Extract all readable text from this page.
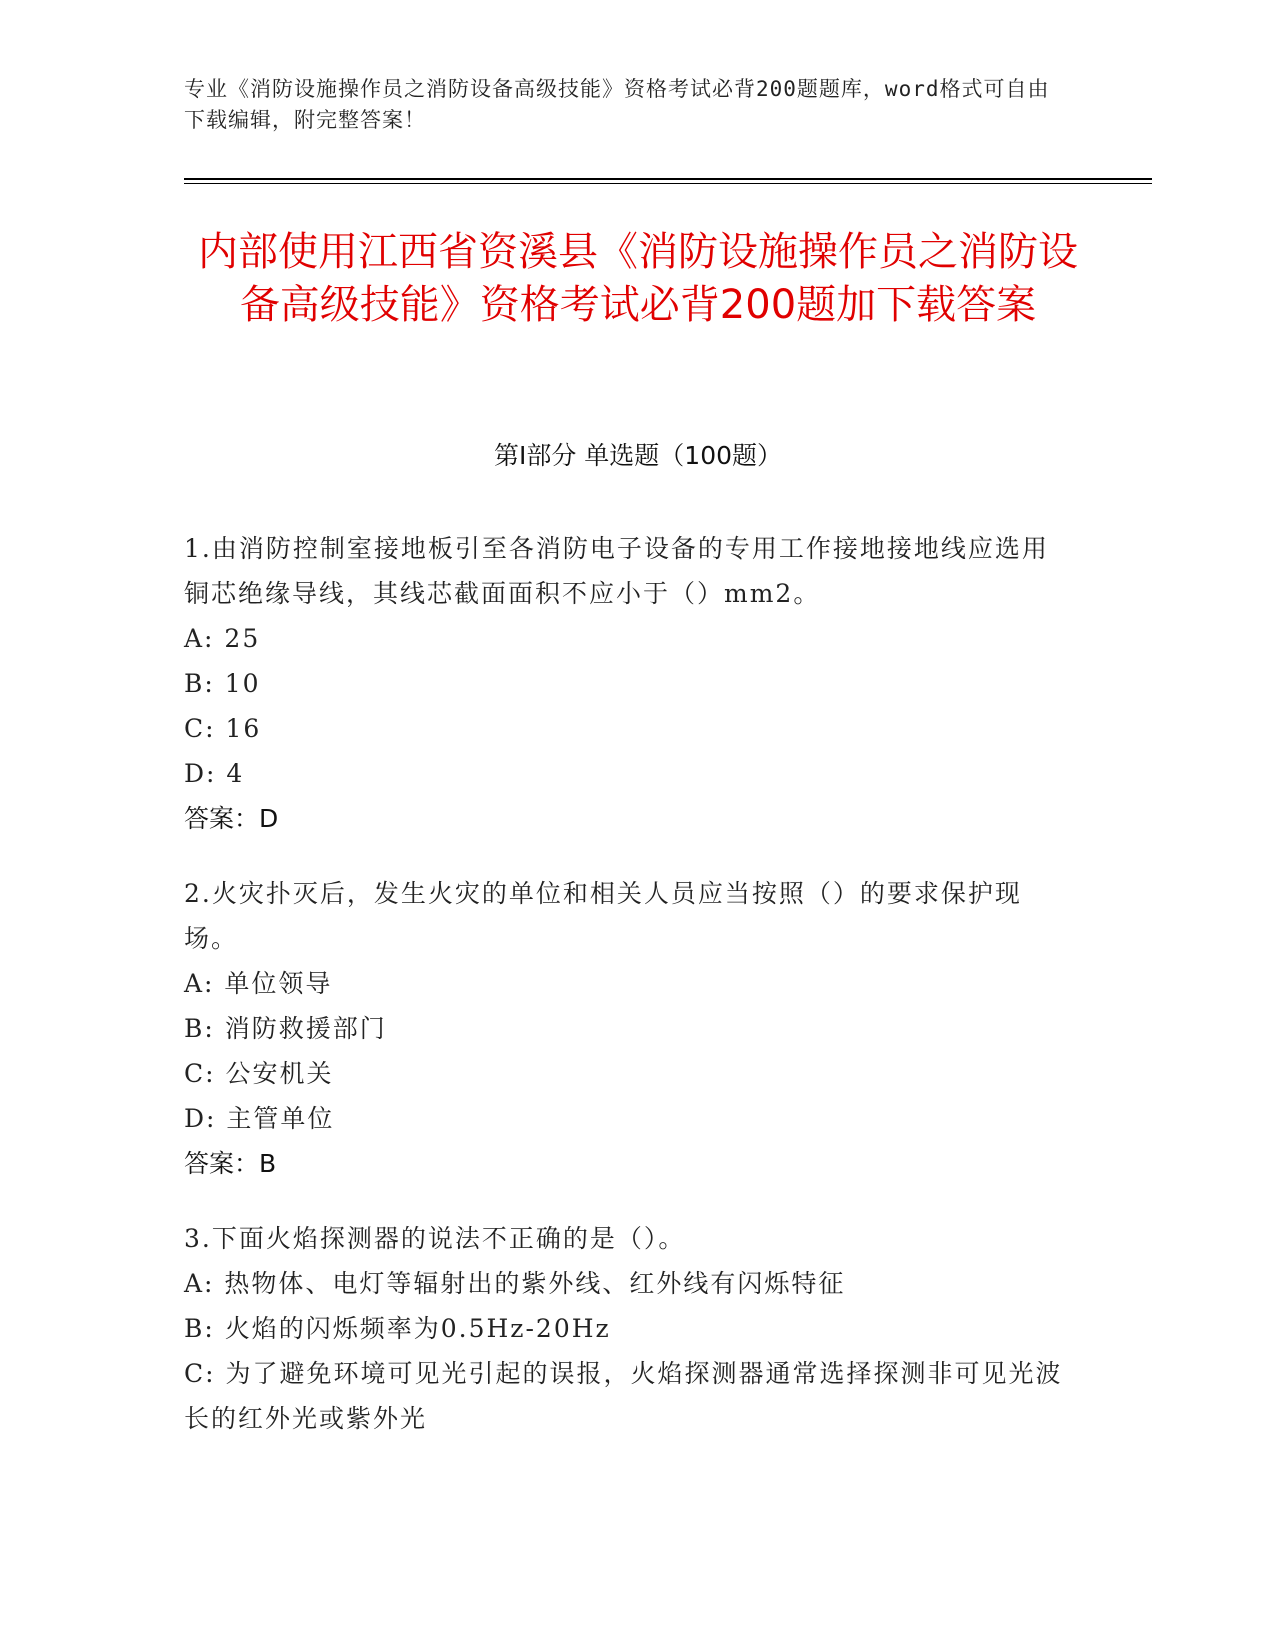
专业《消防设施操作员之消防设备高级技能》资格考试必背200题题库，word格式可自由下载编辑，附完整答案！
内部使用江西省资溪县《消防设施操作员之消防设备高级技能》资格考试必背200题加下载答案
第I部分 单选题（100题）
1.由消防控制室接地板引至各消防电子设备的专用工作接地接地线应选用铜芯绝缘导线，其线芯截面面积不应小于（）mm2。
A: 25
B: 10
C: 16
D: 4
答案：D
2.火灾扑灭后，发生火灾的单位和相关人员应当按照（）的要求保护现场。
A: 单位领导
B: 消防救援部门
C: 公安机关
D: 主管单位
答案：B
3.下面火焰探测器的说法不正确的是（）。
A: 热物体、电灯等辐射出的紫外线、红外线有闪烁特征
B: 火焰的闪烁频率为0.5Hz-20Hz
C: 为了避免环境可见光引起的误报，火焰探测器通常选择探测非可见光波长的红外光或紫外光
